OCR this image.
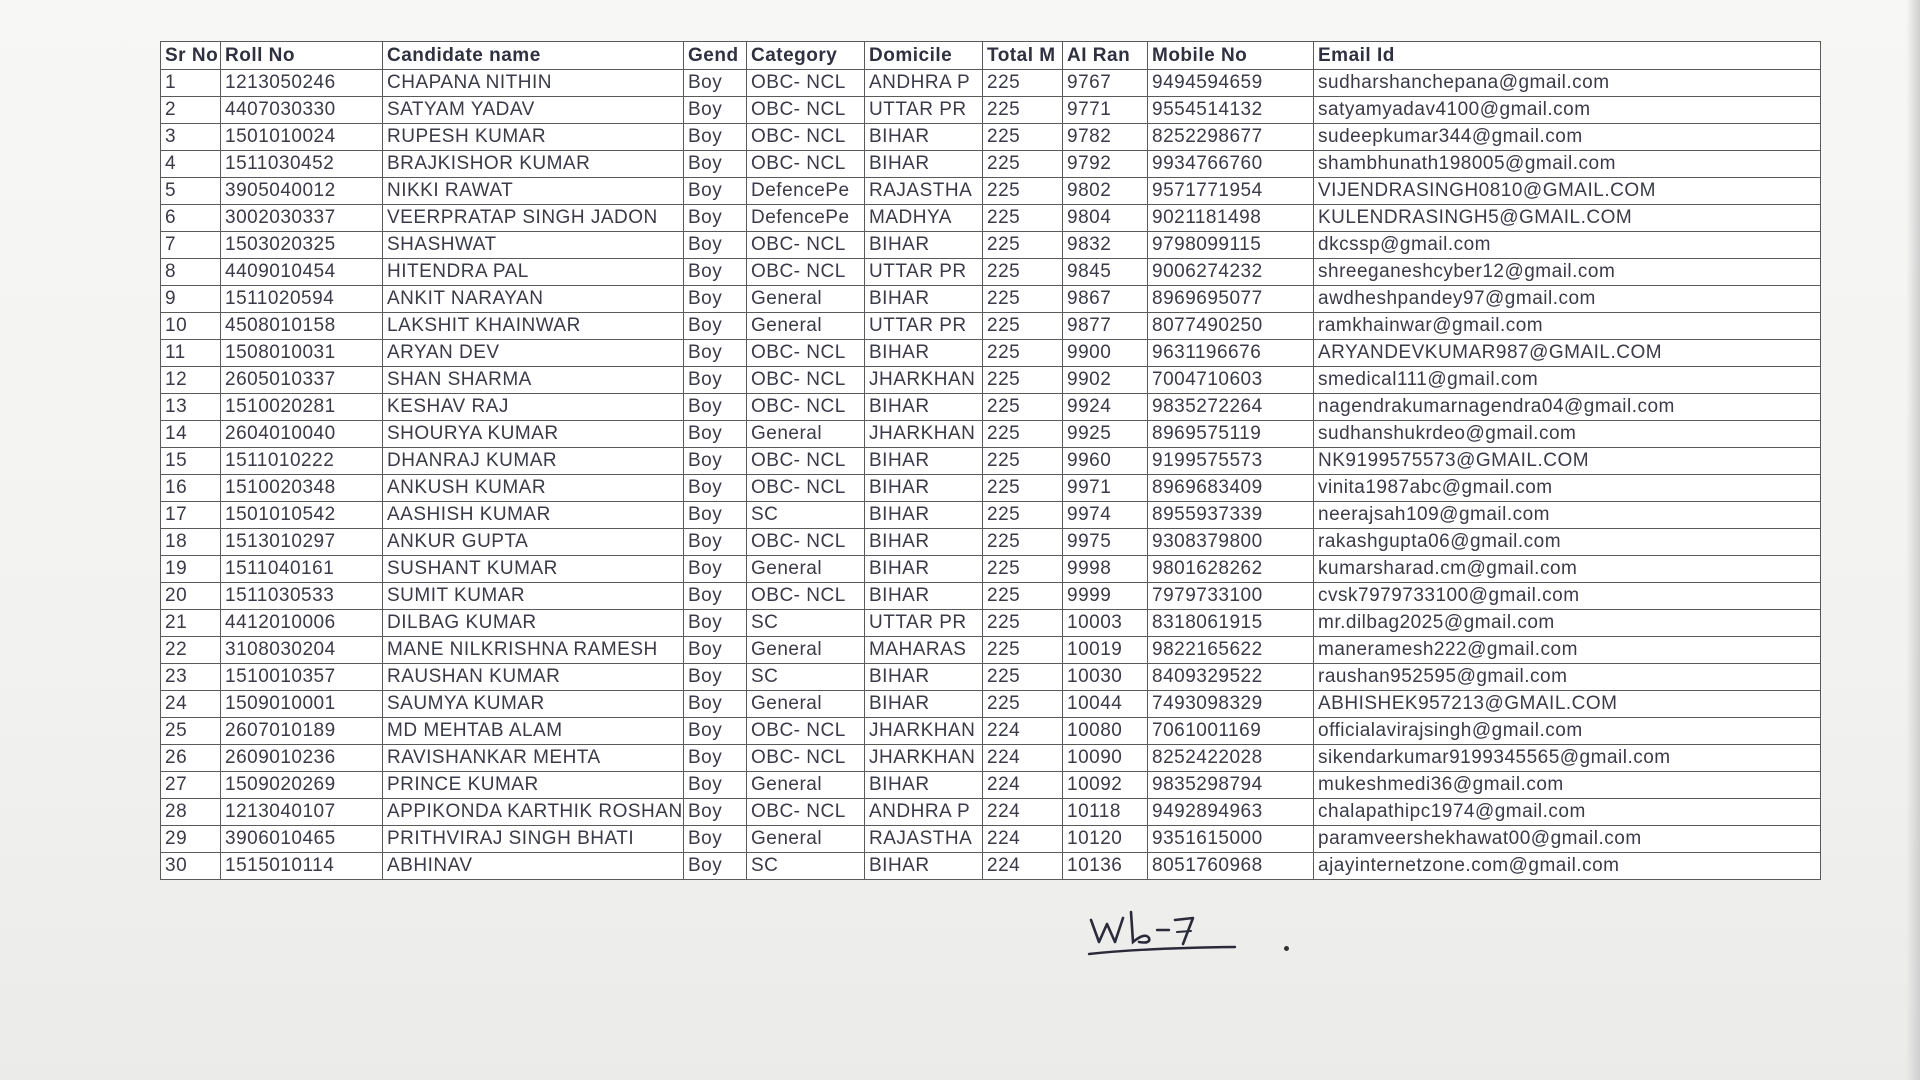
Sr No	Roll No	Candidate name	Gend	Category	Domicile	Total M	AI Ran	Mobile No	Email Id
1	1213050246	CHAPANA NITHIN	Boy	OBC- NCL	ANDHRA P	225	9767	9494594659	sudharshanchepana@gmail.com
2	4407030330	SATYAM YADAV	Boy	OBC- NCL	UTTAR PR	225	9771	9554514132	satyamyadav4100@gmail.com
3	1501010024	RUPESH KUMAR	Boy	OBC- NCL	BIHAR	225	9782	8252298677	sudeepkumar344@gmail.com
4	1511030452	BRAJKISHOR KUMAR	Boy	OBC- NCL	BIHAR	225	9792	9934766760	shambhunath198005@gmail.com
5	3905040012	NIKKI RAWAT	Boy	DefencePe	RAJASTHA	225	9802	9571771954	VIJENDRASINGH0810@GMAIL.COM
6	3002030337	VEERPRATAP SINGH JADON	Boy	DefencePe	MADHYA	225	9804	9021181498	KULENDRASINGH5@GMAIL.COM
7	1503020325	SHASHWAT	Boy	OBC- NCL	BIHAR	225	9832	9798099115	dkcssp@gmail.com
8	4409010454	HITENDRA PAL	Boy	OBC- NCL	UTTAR PR	225	9845	9006274232	shreeganeshcyber12@gmail.com
9	1511020594	ANKIT NARAYAN	Boy	General	BIHAR	225	9867	8969695077	awdheshpandey97@gmail.com
10	4508010158	LAKSHIT KHAINWAR	Boy	General	UTTAR PR	225	9877	8077490250	ramkhainwar@gmail.com
11	1508010031	ARYAN DEV	Boy	OBC- NCL	BIHAR	225	9900	9631196676	ARYANDEVKUMAR987@GMAIL.COM
12	2605010337	SHAN SHARMA	Boy	OBC- NCL	JHARKHAN	225	9902	7004710603	smedical111@gmail.com
13	1510020281	KESHAV RAJ	Boy	OBC- NCL	BIHAR	225	9924	9835272264	nagendrakumarnagendra04@gmail.com
14	2604010040	SHOURYA KUMAR	Boy	General	JHARKHAN	225	9925	8969575119	sudhanshukrdeo@gmail.com
15	1511010222	DHANRAJ KUMAR	Boy	OBC- NCL	BIHAR	225	9960	9199575573	NK9199575573@GMAIL.COM
16	1510020348	ANKUSH KUMAR	Boy	OBC- NCL	BIHAR	225	9971	8969683409	vinita1987abc@gmail.com
17	1501010542	AASHISH KUMAR	Boy	SC	BIHAR	225	9974	8955937339	neerajsah109@gmail.com
18	1513010297	ANKUR GUPTA	Boy	OBC- NCL	BIHAR	225	9975	9308379800	rakashgupta06@gmail.com
19	1511040161	SUSHANT KUMAR	Boy	General	BIHAR	225	9998	9801628262	kumarsharad.cm@gmail.com
20	1511030533	SUMIT KUMAR	Boy	OBC- NCL	BIHAR	225	9999	7979733100	cvsk7979733100@gmail.com
21	4412010006	DILBAG KUMAR	Boy	SC	UTTAR PR	225	10003	8318061915	mr.dilbag2025@gmail.com
22	3108030204	MANE NILKRISHNA RAMESH	Boy	General	MAHARAS	225	10019	9822165622	maneramesh222@gmail.com
23	1510010357	RAUSHAN KUMAR	Boy	SC	BIHAR	225	10030	8409329522	raushan952595@gmail.com
24	1509010001	SAUMYA KUMAR	Boy	General	BIHAR	225	10044	7493098329	ABHISHEK957213@GMAIL.COM
25	2607010189	MD MEHTAB ALAM	Boy	OBC- NCL	JHARKHAN	224	10080	7061001169	officialavirajsingh@gmail.com
26	2609010236	RAVISHANKAR MEHTA	Boy	OBC- NCL	JHARKHAN	224	10090	8252422028	sikendarkumar9199345565@gmail.com
27	1509020269	PRINCE KUMAR	Boy	General	BIHAR	224	10092	9835298794	mukeshmedi36@gmail.com
28	1213040107	APPIKONDA KARTHIK ROSHAN	Boy	OBC- NCL	ANDHRA P	224	10118	9492894963	chalapathipc1974@gmail.com
29	3906010465	PRITHVIRAJ SINGH BHATI	Boy	General	RAJASTHA	224	10120	9351615000	paramveershekhawat00@gmail.com
30	1515010114	ABHINAV	Boy	SC	BIHAR	224	10136	8051760968	ajayinternetzone.com@gmail.com
